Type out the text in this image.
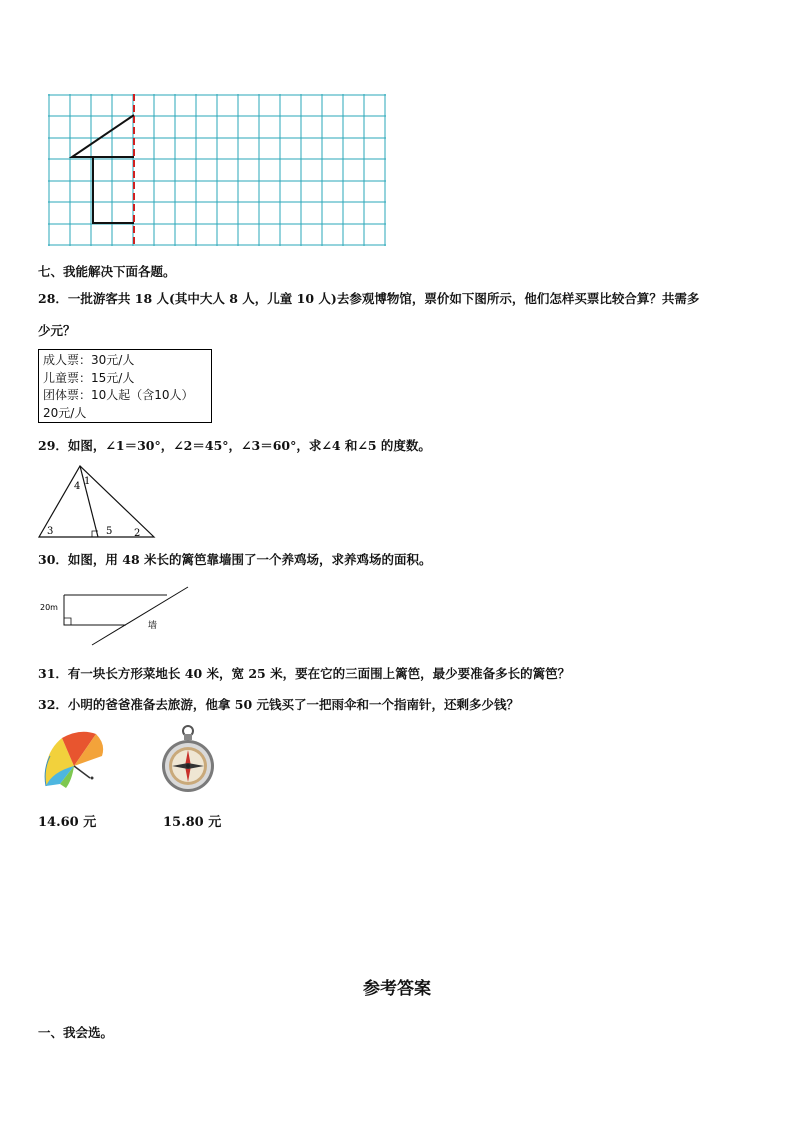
七、我能解决下面各题。
28．一批游客共 18 人(其中大人 8 人，儿童 10 人)去参观博物馆，票价如下图所示，他们怎样买票比较合算？共需多
少元？
成人票：30元/人
儿童票：15元/人
团体票：10人起（含10人）
20元/人
29．如图，∠1＝30°，∠2＝45°，∠3＝60°，求∠4 和∠5 的度数。
4 1
3	5 2
30．如图，用 48 米长的篱笆靠墙围了一个养鸡场，求养鸡场的面积。
20m
墙
31．有一块长方形菜地长 40 米，宽 25 米，要在它的三面围上篱笆，最少要准备多长的篱笆？
32．小明的爸爸准备去旅游，他拿 50 元钱买了一把雨伞和一个指南针，还剩多少钱？
14.60 元	15.80 元
参考答案
一、我会选。
